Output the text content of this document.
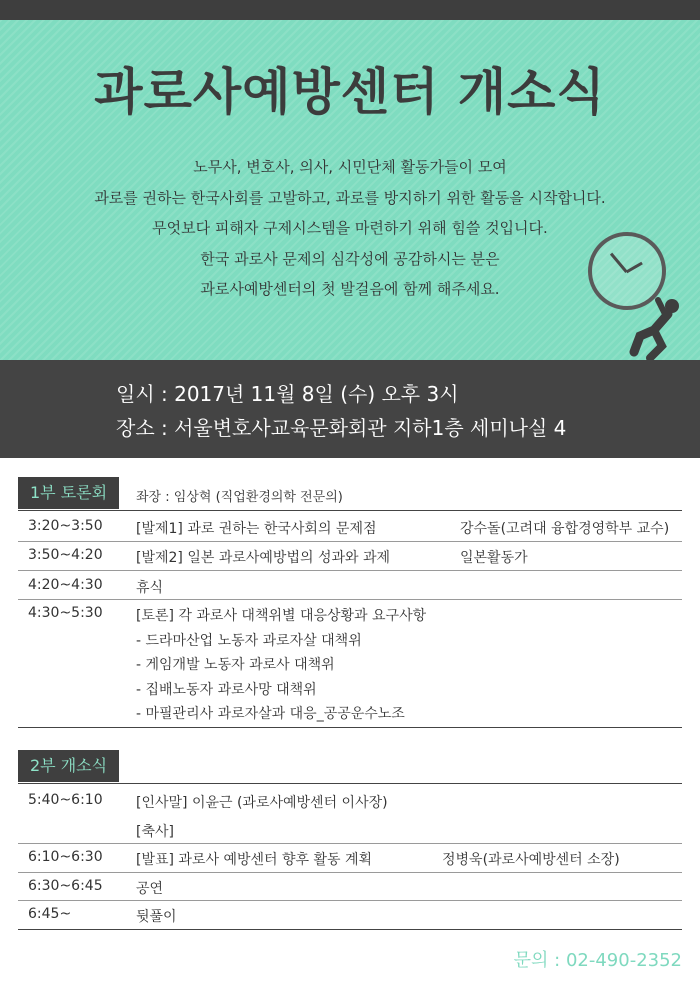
과로사예방센터 개소식
노무사, 변호사, 의사, 시민단체 활동가들이 모여
과로를 권하는 한국사회를 고발하고, 과로를 방지하기 위한 활동을 시작합니다.
무엇보다 피해자 구제시스템을 마련하기 위해 힘쓸 것입니다.
한국 과로사 문제의 심각성에 공감하시는 분은
과로사예방센터의 첫 발걸음에 함께 해주세요.

일시 : 2017년 11월 8일 (수) 오후 3시

장소 : 서울변호사교육문화회관 지하1층 세미나실 4

1부 토론회	좌장 : 임상혁 (직업환경의학 전문의)
3:20~3:50 [발제1] 과로 권하는 한국사회의 문제점	강수돌(고려대 융합경영학부 교수)
3:50~4:20 [발제2] 일본 과로사예방법의 성과와 과제	일본활동가
4:20~4:30 휴식
4:30~5:30 [토론] 각 과로사 대책위별 대응상황과 요구사항
- 드라마산업 노동자 과로자살 대책위
- 게임개발 노동자 과로사 대책위
- 집배노동자 과로사망 대책위
- 마필관리사 과로자살과 대응_공공운수노조
2부 개소식
5:40~6:10 [인사말] 이윤근 (과로사예방센터 이사장)
[축사]
6:10~6:30 [발표] 과로사 예방센터 향후 활동 계획	정병욱(과로사예방센터 소장)
6:30~6:45 공연
6:45~	뒷풀이
문의 : 02-490-2352
